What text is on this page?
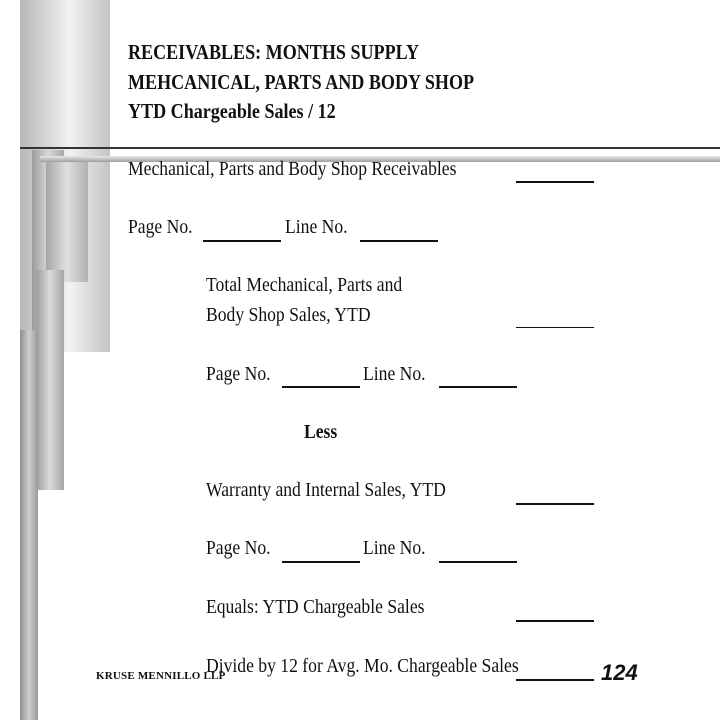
RECEIVABLES: MONTHS SUPPLY
MEHCANICAL, PARTS AND BODY SHOP
YTD Chargeable Sales / 12
Mechanical, Parts and Body Shop Receivables
Page No.	Line No.
Total Mechanical, Parts and
Body Shop Sales, YTD
Page No.	Line No.
Less
Warranty and Internal Sales, YTD
Page No.	Line No.
Equals: YTD Chargeable Sales
Divide by 12 for Avg. Mo. Chargeable Sales
KRUSE MENNILLO LLP	124
